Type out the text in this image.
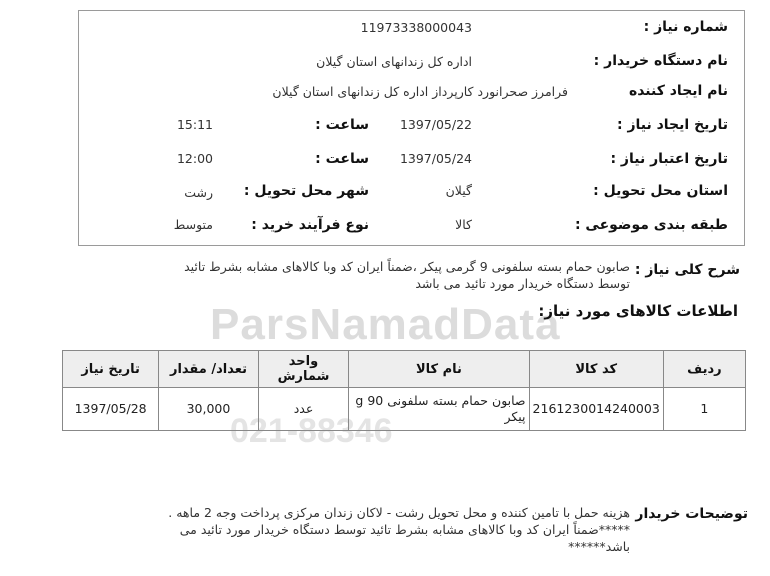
ParsNamadData
021-88346
شماره نیاز :
11973338000043
نام دستگاه خریدار :
اداره کل زندانهای استان گیلان
نام ایجاد کننده
فرامرز صحرانورد کارپرداز اداره کل زندانهای استان گیلان
تاریخ ایجاد نیاز :
1397/05/22
ساعت :
15:11
تاریخ اعتبار نیاز :
1397/05/24
ساعت :
12:00
استان محل تحویل :
گیلان
شهر محل تحویل :
رشت
طبقه بندی موضوعی :
کالا
نوع فرآیند خرید :
متوسط
شرح کلی نیاز :
صابون حمام بسته سلفونی 9 گرمی پیکر ،ضمناً ایران کد وبا کالاهای مشابه بشرط تائید
توسط دستگاه خریدار مورد تائید می باشد
اطلاعات کالاهای مورد نیاز:
ردیف	کد کالا	نام کالا	واحد شمارش	تعداد/ مقدار	تاریخ نیاز
1	2161230014240003	صابون حمام بسته سلفونی 90 g پیکر	عدد	30,000	1397/05/28
توضیحات خریدار
هزینه حمل با تامین کننده و محل تحویل رشت - لاکان زندان مرکزی پرداخت وجه 2 ماهه .
*****ضمناً ایران کد وبا کالاهای مشابه بشرط تائید توسط دستگاه خریدار مورد تائید می
باشد******
